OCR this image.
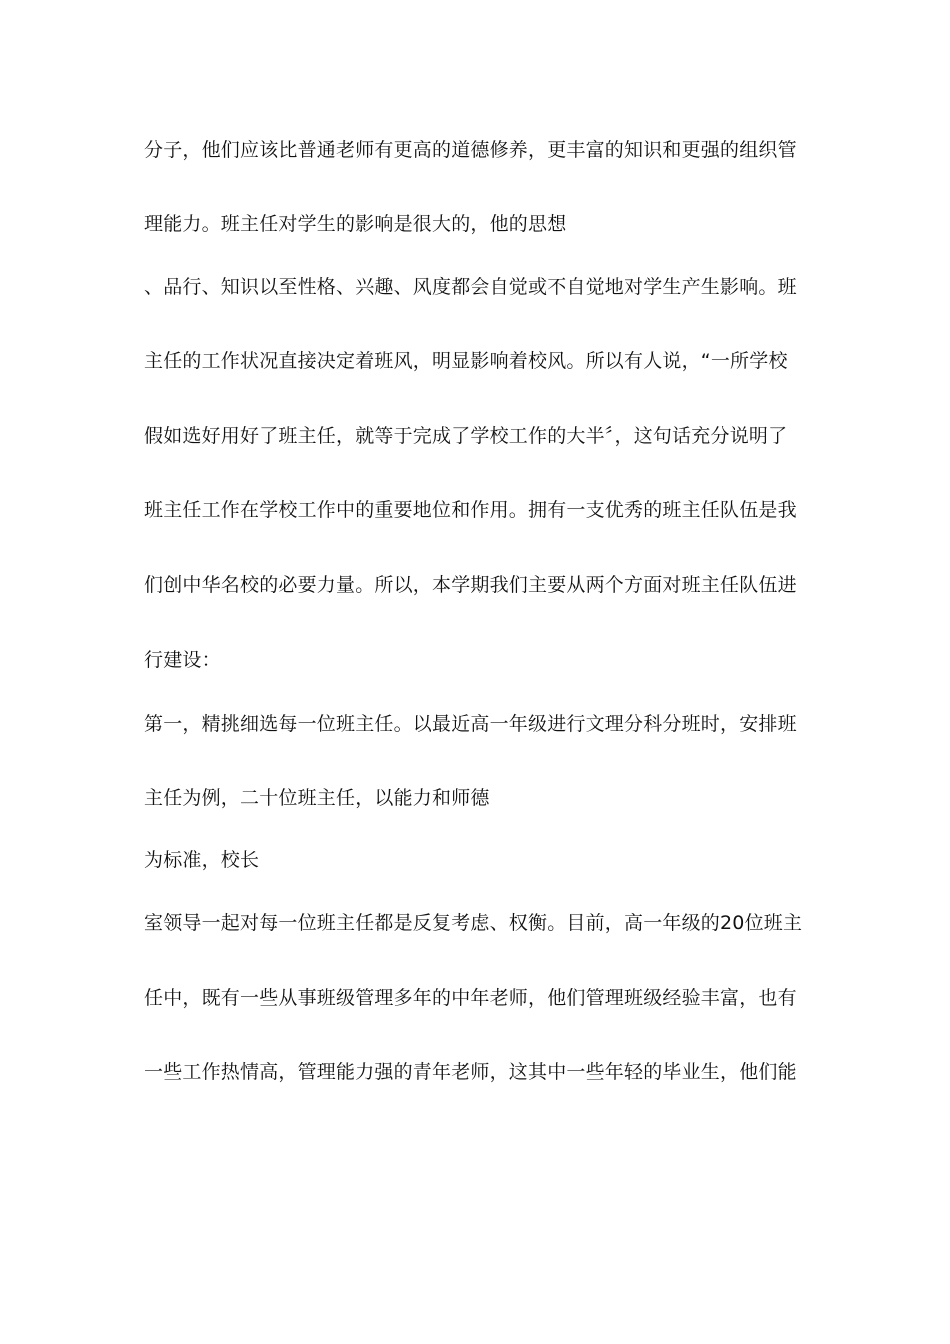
分子，他们应该比普通老师有更高的道德修养，更丰富的知识和更强的组织管
理能力。班主任对学生的影响是很大的，他的思想
、品行、知识以至性格、兴趣、风度都会自觉或不自觉地对学生产生影响。班
主任的工作状况直接决定着班风，明显影响着校风。所以有人说，“一所学校
假如选好用好了班主任，就等于完成了学校工作的大半〞，这句话充分说明了
班主任工作在学校工作中的重要地位和作用。拥有一支优秀的班主任队伍是我
们创中华名校的必要力量。所以，本学期我们主要从两个方面对班主任队伍进
行建设：
第一，精挑细选每一位班主任。以最近高一年级进行文理分科分班时，安排班
主任为例，二十位班主任，以能力和师德
为标准，校长
室领导一起对每一位班主任都是反复考虑、权衡。目前，高一年级的20位班主
任中，既有一些从事班级管理多年的中年老师，他们管理班级经验丰富，也有
一些工作热情高，管理能力强的青年老师，这其中一些年轻的毕业生，他们能
